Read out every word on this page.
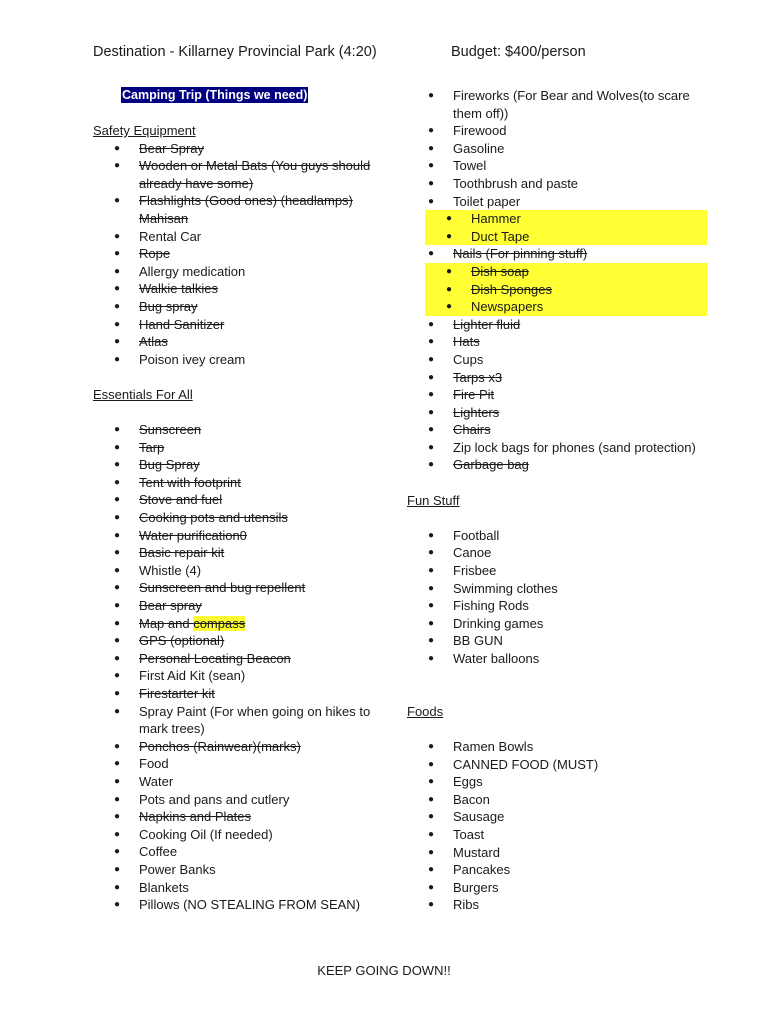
Destination - Killarney Provincial Park (4:20)	Budget: $400/person
Camping Trip (Things we need)
Safety Equipment
● Bear Spray
● Wooden or Metal Bats (You guys should already have some)
● Flashlights (Good ones) (headlamps) Mahisan
● Rental Car
● Rope
● Allergy medication
● Walkie talkies
● Bug spray
● Hand Sanitizer
● Atlas
● Poison ivey cream
Essentials For All
● Sunscreen
● Tarp
● Bug Spray
● Tent with footprint
● Stove and fuel
● Cooking pots and utensils
● Water purification0
● Basic repair kit
● Whistle (4)
● Sunscreen and bug repellent
● Bear spray
● Map and compass
● GPS (optional)
● Personal Locating Beacon
● First Aid Kit (sean)
● Firestarter kit
● Spray Paint (For when going on hikes to mark trees)
● Ponchos (Rainwear)(marks)
● Food
● Water
● Pots and pans and cutlery
● Napkins and Plates
● Cooking Oil (If needed)
● Coffee
● Power Banks
● Blankets
● Pillows (NO STEALING FROM SEAN)
● Fireworks (For Bear and Wolves(to scare them off))
● Firewood
● Gasoline
● Towel
● Toothbrush and paste
● Toilet paper
● Hammer
● Duct Tape
● Nails (For pinning stuff)
● Dish soap
● Dish Sponges
● Newspapers
● Lighter fluid
● Hats
● Cups
● Tarps x3
● Fire Pit
● Lighters
● Chairs
● Zip lock bags for phones (sand protection)
● Garbage bag
Fun Stuff
● Football
● Canoe
● Frisbee
● Swimming clothes
● Fishing Rods
● Drinking games
● BB GUN
● Water balloons
Foods
● Ramen Bowls
● CANNED FOOD (MUST)
● Eggs
● Bacon
● Sausage
● Toast
● Mustard
● Pancakes
● Burgers
● Ribs
KEEP GOING DOWN!!
